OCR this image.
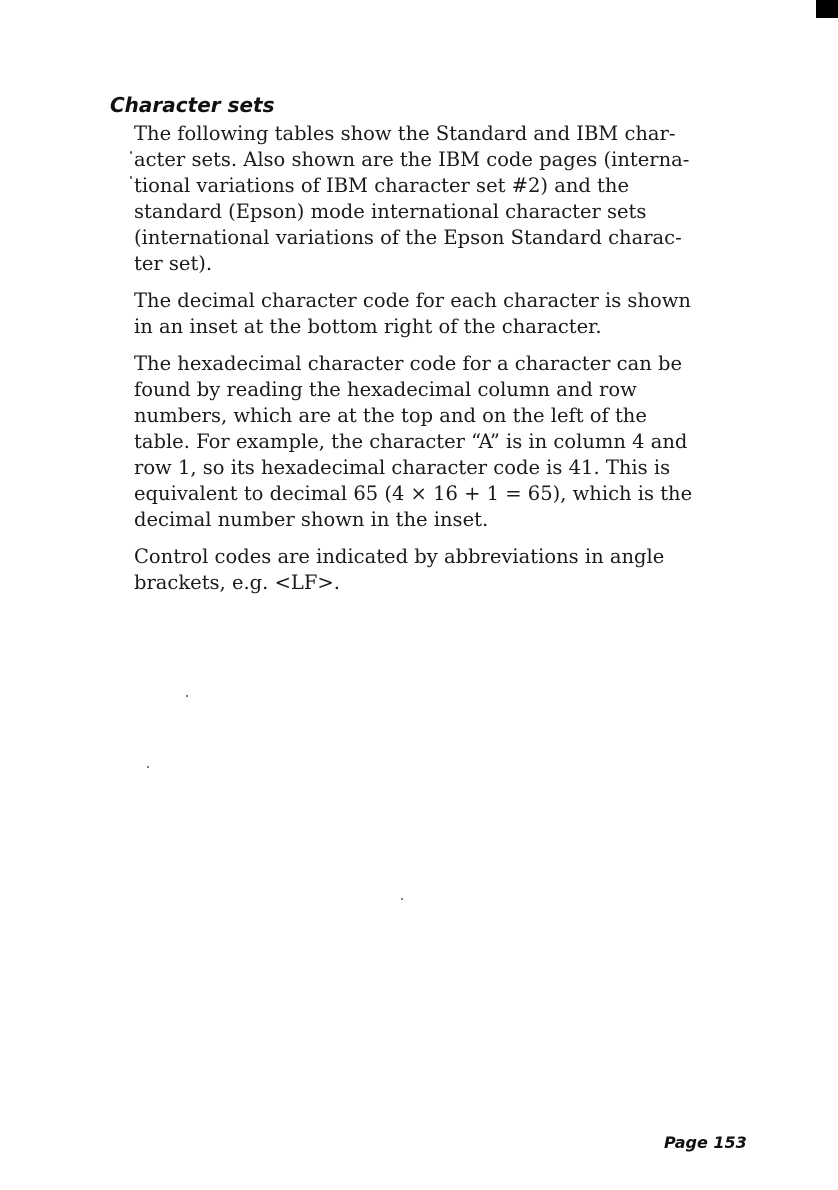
Character sets

The following tables show the Standard and IBM char-
acter sets. Also shown are the IBM code pages (interna-
tional variations of IBM character set #2) and the
standard (Epson) mode international character sets
(international variations of the Epson Standard charac-
ter set).

The decimal character code for each character is shown
in an inset at the bottom right of the character.

The hexadecimal character code for a character can be
found by reading the hexadecimal column and row
numbers, which are at the top and on the left of the
table. For example, the character “A” is in column 4 and
row 1, so its hexadecimal character code is 41. This is
equivalent to decimal 65 (4 × 16 + 1 = 65), which is the
decimal number shown in the inset.

Control codes are indicated by abbreviations in angle
brackets, e.g. <LF>.

Page 153
